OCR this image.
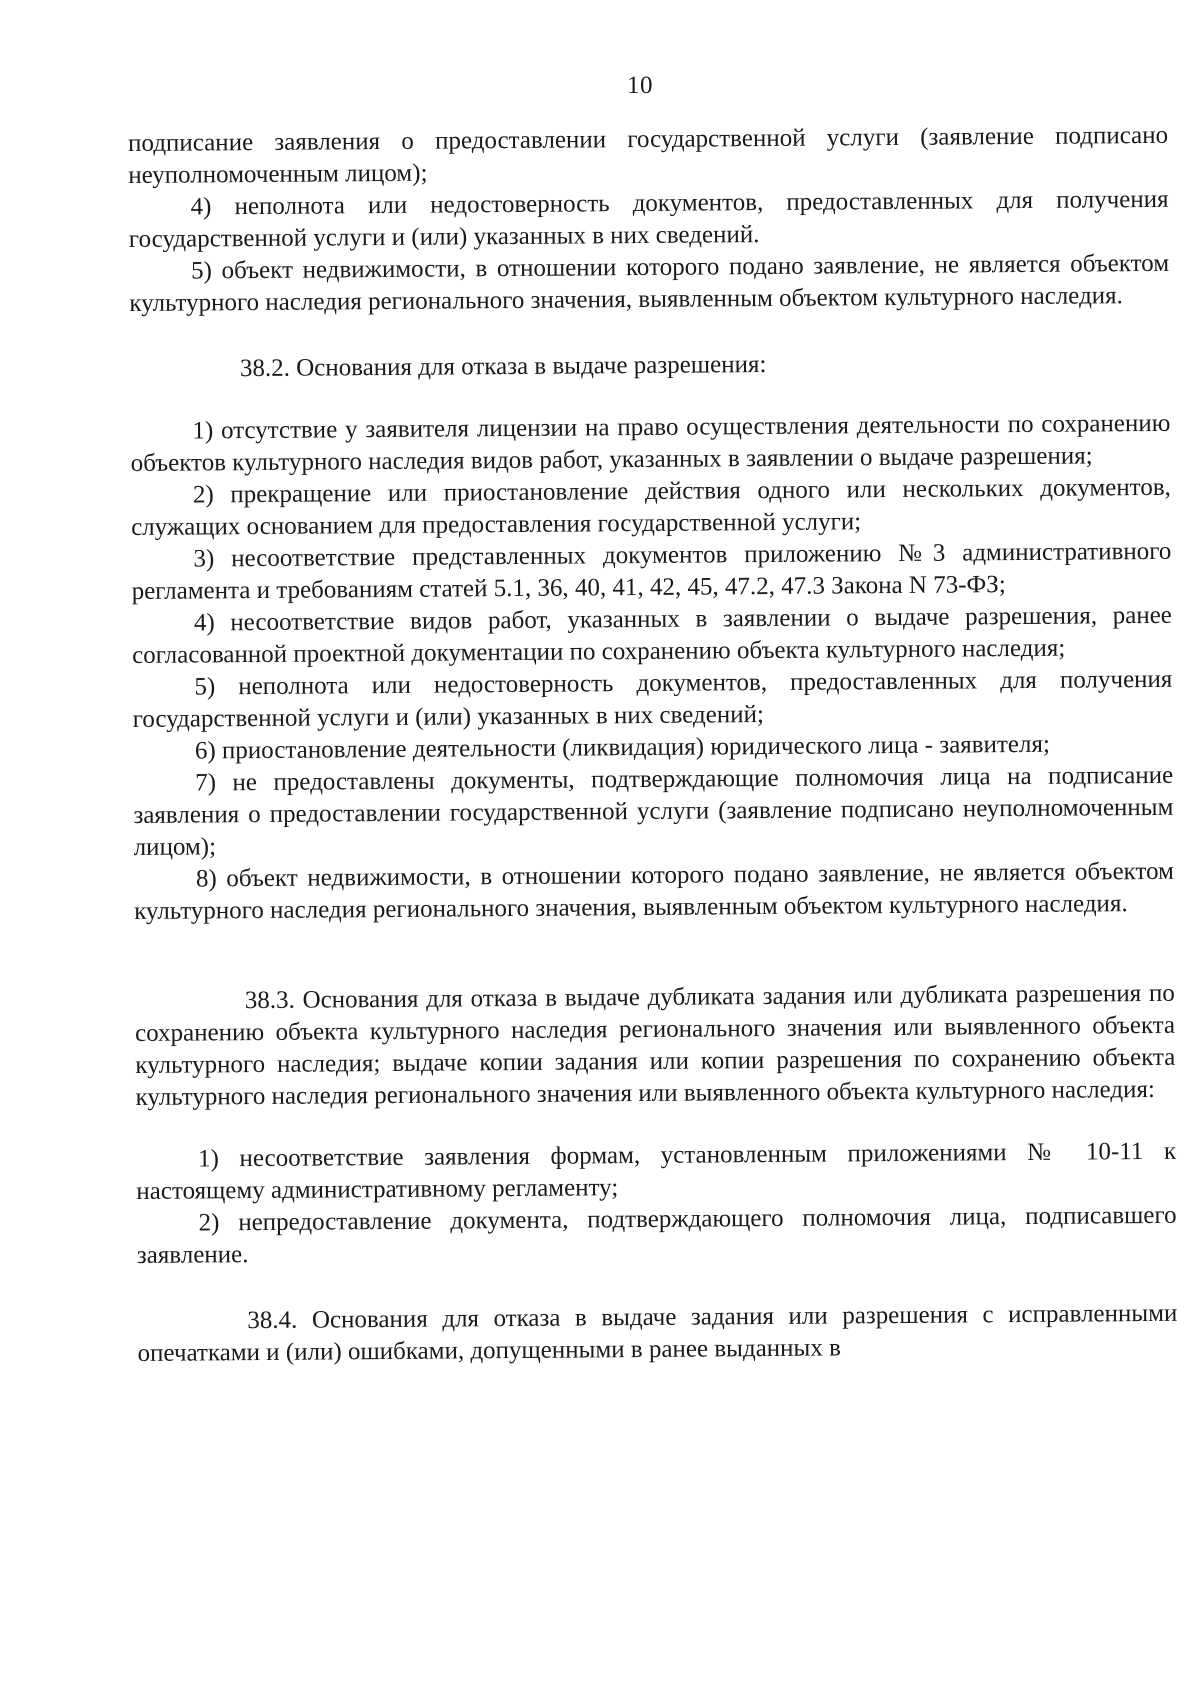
10

подписание заявления о предоставлении государственной услуги (заявление подписано неуполномоченным лицом);

4) неполнота или недостоверность документов, предоставленных для получения государственной услуги и (или) указанных в них сведений.

5) объект недвижимости, в отношении которого подано заявление, не является объектом культурного наследия регионального значения, выявленным объектом культурного наследия.

38.2. Основания для отказа в выдаче разрешения:

1) отсутствие у заявителя лицензии на право осуществления деятельности по сохранению объектов культурного наследия видов работ, указанных в заявлении о выдаче разрешения;

2) прекращение или приостановление действия одного или нескольких документов, служащих основанием для предоставления государственной услуги;

3) несоответствие представленных документов приложению №3 административного регламента и требованиям статей 5.1, 36, 40, 41, 42, 45, 47.2, 47.3 Закона N 73-ФЗ;

4) несоответствие видов работ, указанных в заявлении о выдаче разрешения, ранее согласованной проектной документации по сохранению объекта культурного наследия;

5) неполнота или недостоверность документов, предоставленных для получения государственной услуги и (или) указанных в них сведений;

6) приостановление деятельности (ликвидация) юридического лица - заявителя;

7) не предоставлены документы, подтверждающие полномочия лица на подписание заявления о предоставлении государственной услуги (заявление подписано неуполномоченным лицом);

8) объект недвижимости, в отношении которого подано заявление, не является объектом культурного наследия регионального значения, выявленным объектом культурного наследия.

38.3. Основания для отказа в выдаче дубликата задания или дубликата разрешения по сохранению объекта культурного наследия регионального значения или выявленного объекта культурного наследия; выдаче копии задания или копии разрешения по сохранению объекта культурного наследия регионального значения или выявленного объекта культурного наследия:

1) несоответствие заявления формам, установленным приложениями № 10-11 к настоящему административному регламенту;

2) непредоставление документа, подтверждающего полномочия лица, подписавшего заявление.

38.4. Основания для отказа в выдаче задания или разрешения с исправленными опечатками и (или) ошибками, допущенными в ранее выданных в
